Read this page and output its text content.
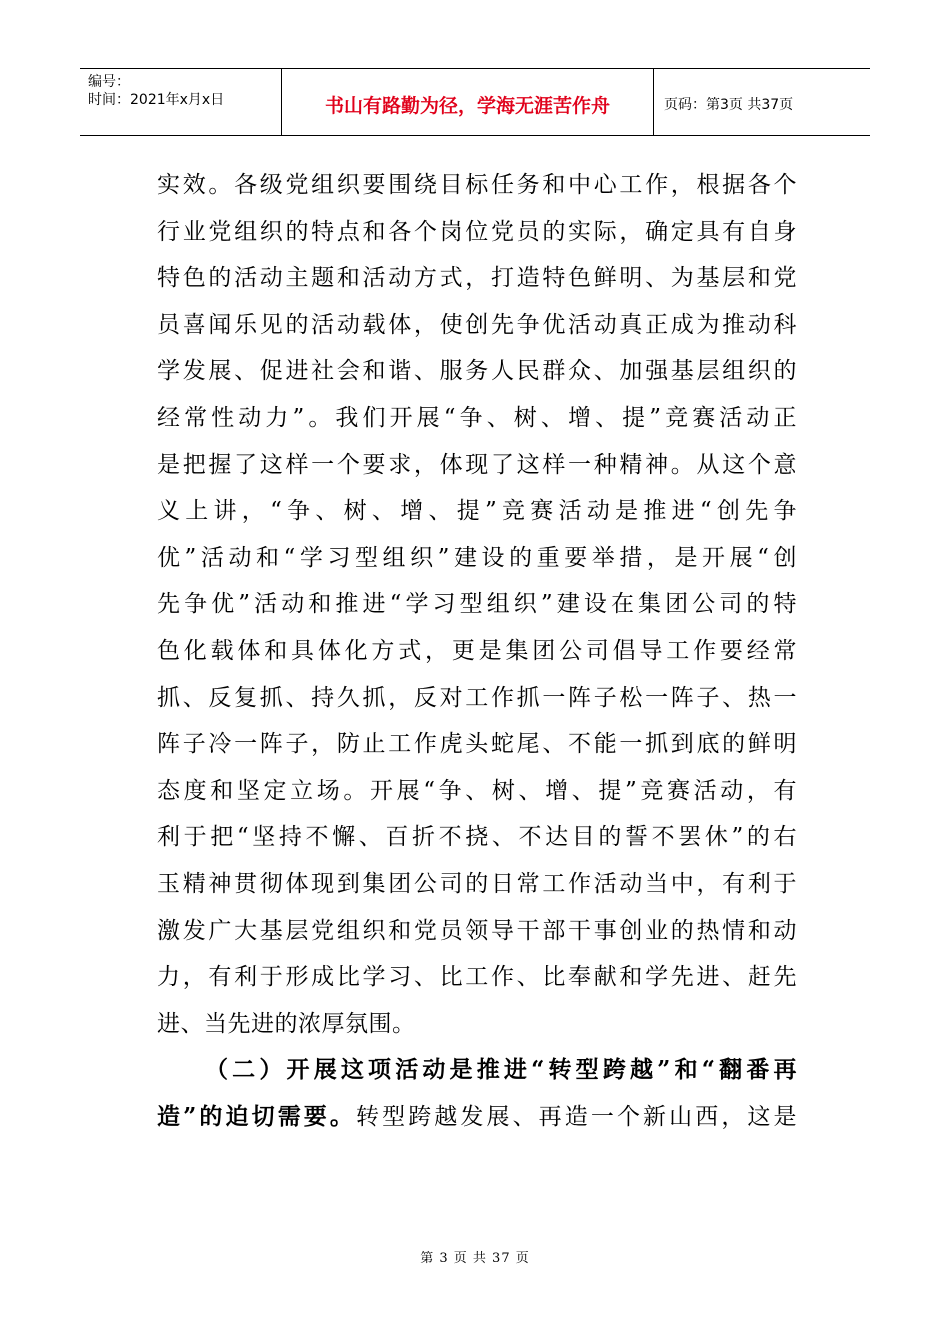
编号：
时间：2021年x月x日	书山有路勤为径，学海无涯苦作舟	页码：第3页 共37页
实效。各级党组织要围绕目标任务和中心工作，根据各个
行业党组织的特点和各个岗位党员的实际，确定具有自身
特色的活动主题和活动方式，打造特色鲜明、为基层和党
员喜闻乐见的活动载体，使创先争优活动真正成为推动科
学发展、促进社会和谐、服务人民群众、加强基层组织的
经常性动力”。我们开展“争、树、增、提”竞赛活动正
是把握了这样一个要求，体现了这样一种精神。从这个意
义上讲，“争、树、增、提”竞赛活动是推进“创先争
优”活动和“学习型组织”建设的重要举措，是开展“创
先争优”活动和推进“学习型组织”建设在集团公司的特
色化载体和具体化方式，更是集团公司倡导工作要经常
抓、反复抓、持久抓，反对工作抓一阵子松一阵子、热一
阵子冷一阵子，防止工作虎头蛇尾、不能一抓到底的鲜明
态度和坚定立场。开展“争、树、增、提”竞赛活动，有
利于把“坚持不懈、百折不挠、不达目的誓不罢休”的右
玉精神贯彻体现到集团公司的日常工作活动当中，有利于
激发广大基层党组织和党员领导干部干事创业的热情和动
力，有利于形成比学习、比工作、比奉献和学先进、赶先
进、当先进的浓厚氛围。
（二）开展这项活动是推进“转型跨越”和“翻番再
造”的迫切需要。转型跨越发展、再造一个新山西，这是
第 3 页 共 37 页
